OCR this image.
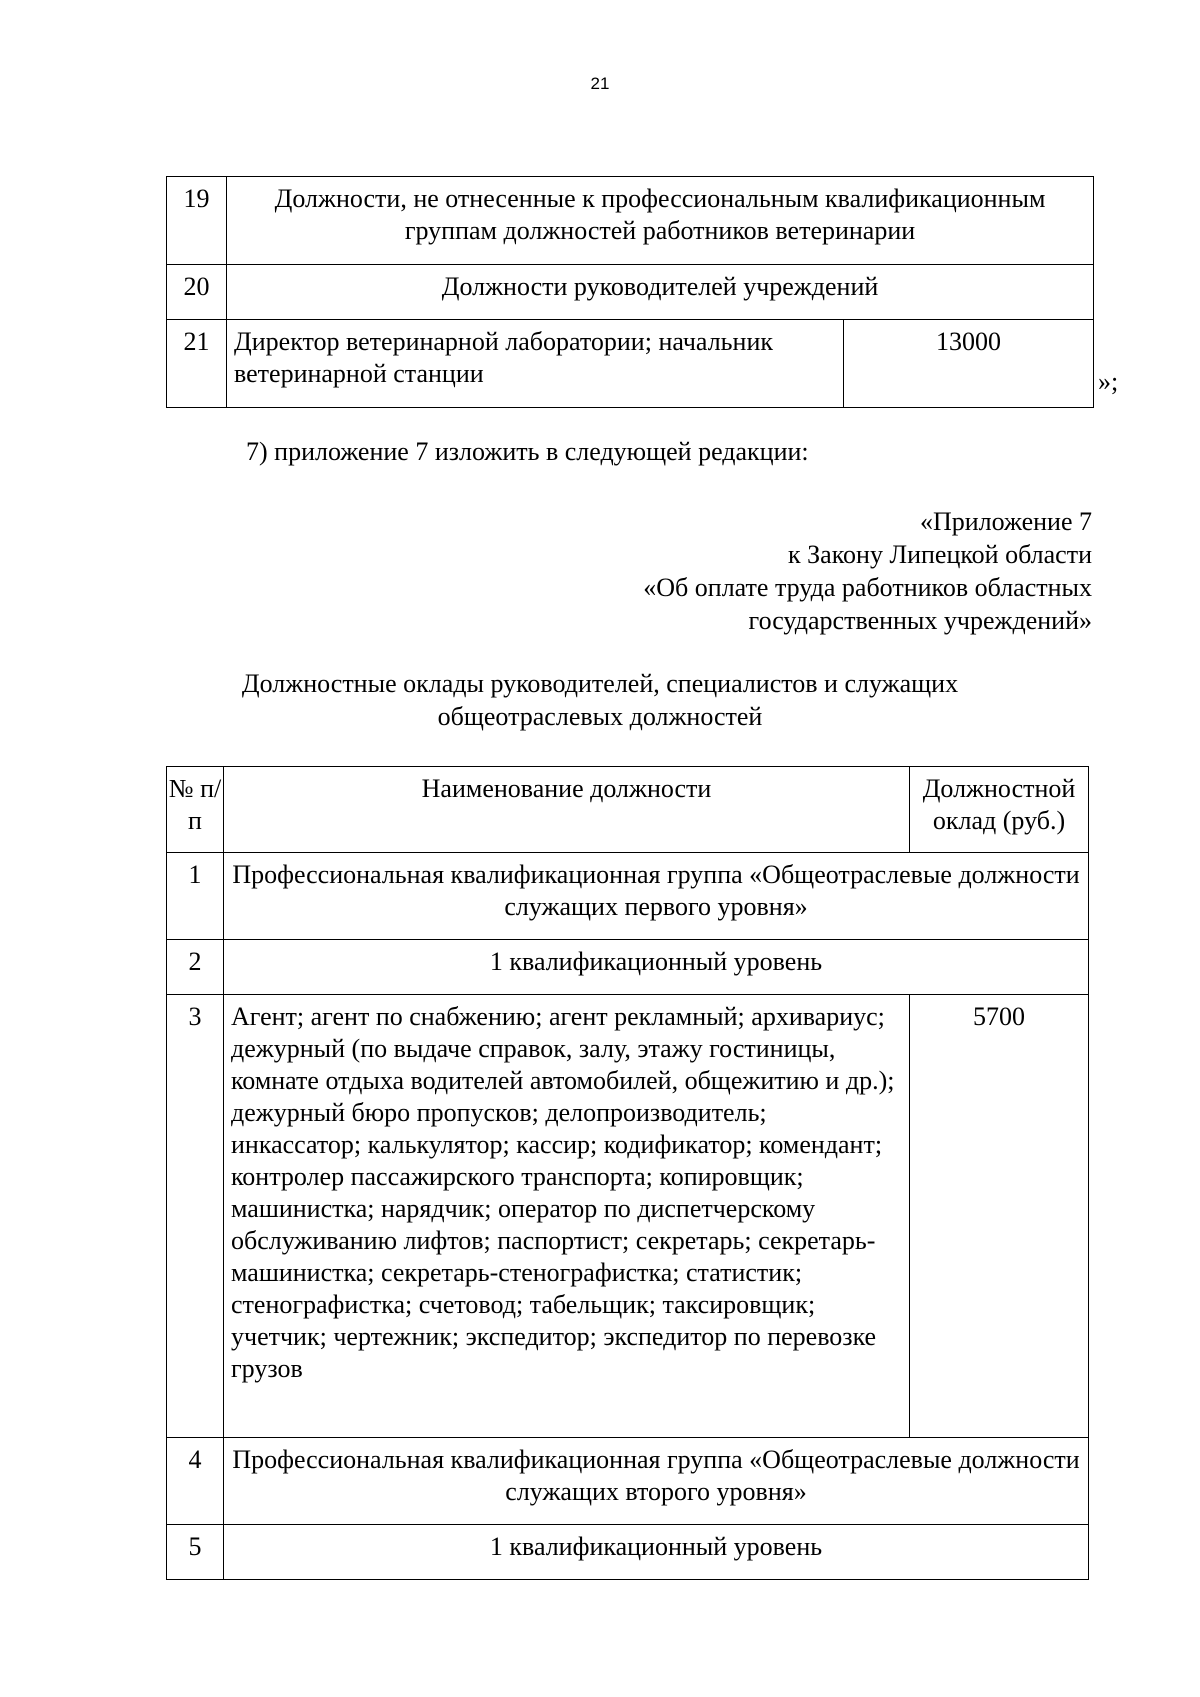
21
19	Должности, не отнесенные к профессиональным квалификационным группам должностей работников ветеринарии	
20	Должности руководителей учреждений	
21	Директор ветеринарной лаборатории; начальник ветеринарной станции	13000
»;
7) приложение 7 изложить в следующей редакции:
«Приложение 7
к Закону Липецкой области
«Об оплате труда работников областных
государственных учреждений»
Должностные оклады руководителей, специалистов и служащих
общеотраслевых должностей
№ п/п	Наименование должности	Должностной оклад (руб.)
1	Профессиональная квалификационная группа «Общеотраслевые должности служащих первого уровня»	
2	1 квалификационный уровень	
3	Агент; агент по снабжению; агент рекламный; архивариус; дежурный (по выдаче справок, залу, этажу гостиницы, комнате отдыха водителей автомобилей, общежитию и др.); дежурный бюро пропусков; делопроизводитель; инкассатор; калькулятор; кассир; кодификатор; комендант; контролер пассажирского транспорта; копировщик; машинистка; нарядчик; оператор по диспетчерскому обслуживанию лифтов; паспортист; секретарь; секретарь-машинистка; секретарь-стенографистка; статистик; стенографистка; счетовод; табельщик; таксировщик; учетчик; чертежник; экспедитор; экспедитор по перевозке грузов	5700
4	Профессиональная квалификационная группа «Общеотраслевые должности служащих второго уровня»	
5	1 квалификационный уровень	
